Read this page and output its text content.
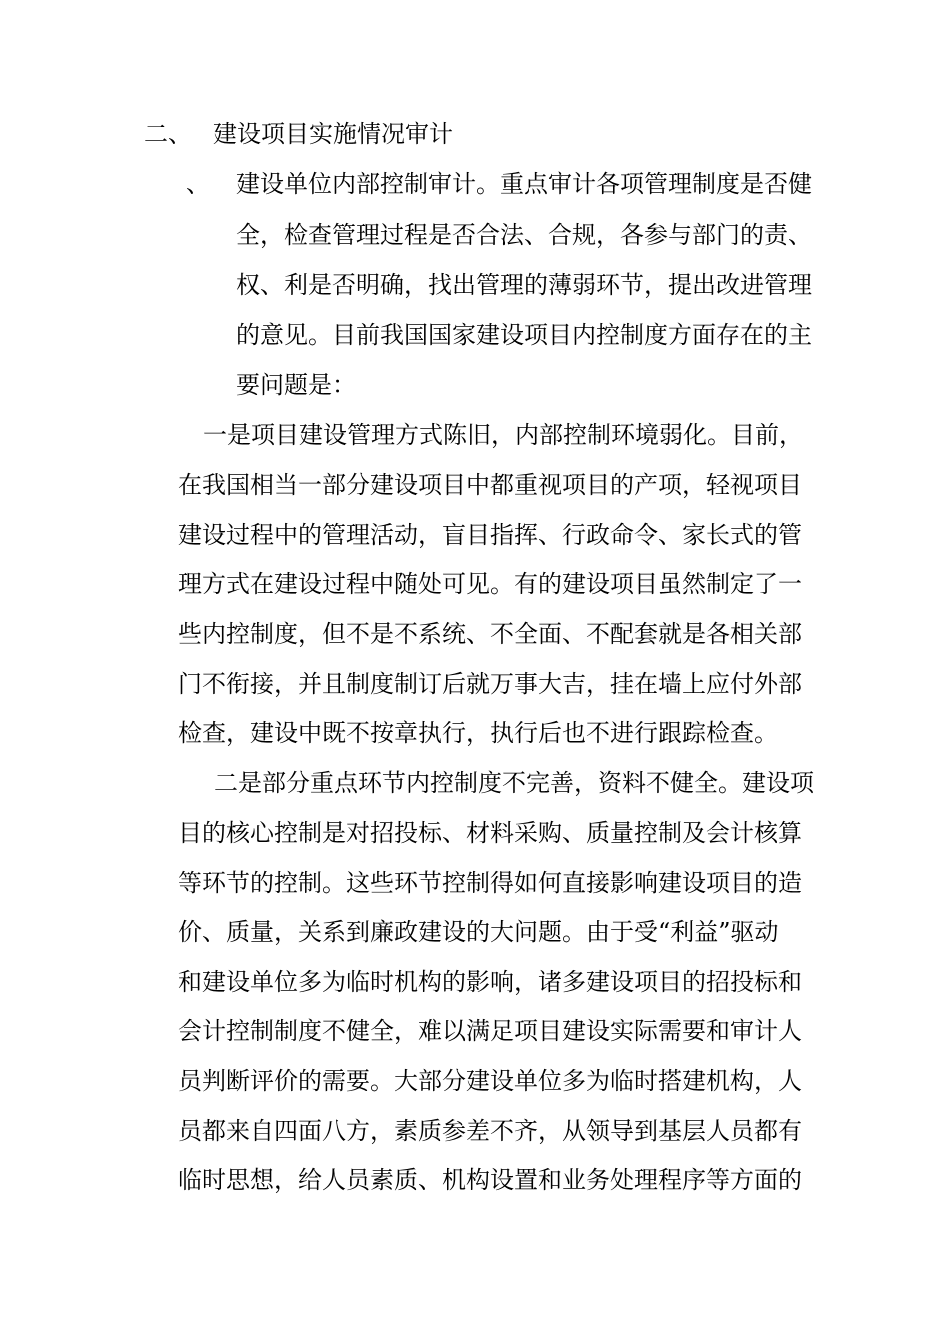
二、 建设项目实施情况审计
、 建设单位内部控制审计。重点审计各项管理制度是否健
全，检查管理过程是否合法、合规，各参与部门的责、
权、利是否明确，找出管理的薄弱环节，提出改进管理
的意见。目前我国国家建设项目内控制度方面存在的主
要问题是：
一是项目建设管理方式陈旧，内部控制环境弱化。目前，
在我国相当一部分建设项目中都重视项目的产项，轻视项目
建设过程中的管理活动，盲目指挥、行政命令、家长式的管
理方式在建设过程中随处可见。有的建设项目虽然制定了一
些内控制度，但不是不系统、不全面、不配套就是各相关部
门不衔接，并且制度制订后就万事大吉，挂在墙上应付外部
检查，建设中既不按章执行，执行后也不进行跟踪检查。
二是部分重点环节内控制度不完善，资料不健全。建设项
目的核心控制是对招投标、材料采购、质量控制及会计核算
等环节的控制。这些环节控制得如何直接影响建设项目的造
价、质量，关系到廉政建设的大问题。由于受“利益”驱动
和建设单位多为临时机构的影响，诸多建设项目的招投标和
会计控制制度不健全，难以满足项目建设实际需要和审计人
员判断评价的需要。大部分建设单位多为临时搭建机构，人
员都来自四面八方，素质参差不齐，从领导到基层人员都有
临时思想，给人员素质、机构设置和业务处理程序等方面的
